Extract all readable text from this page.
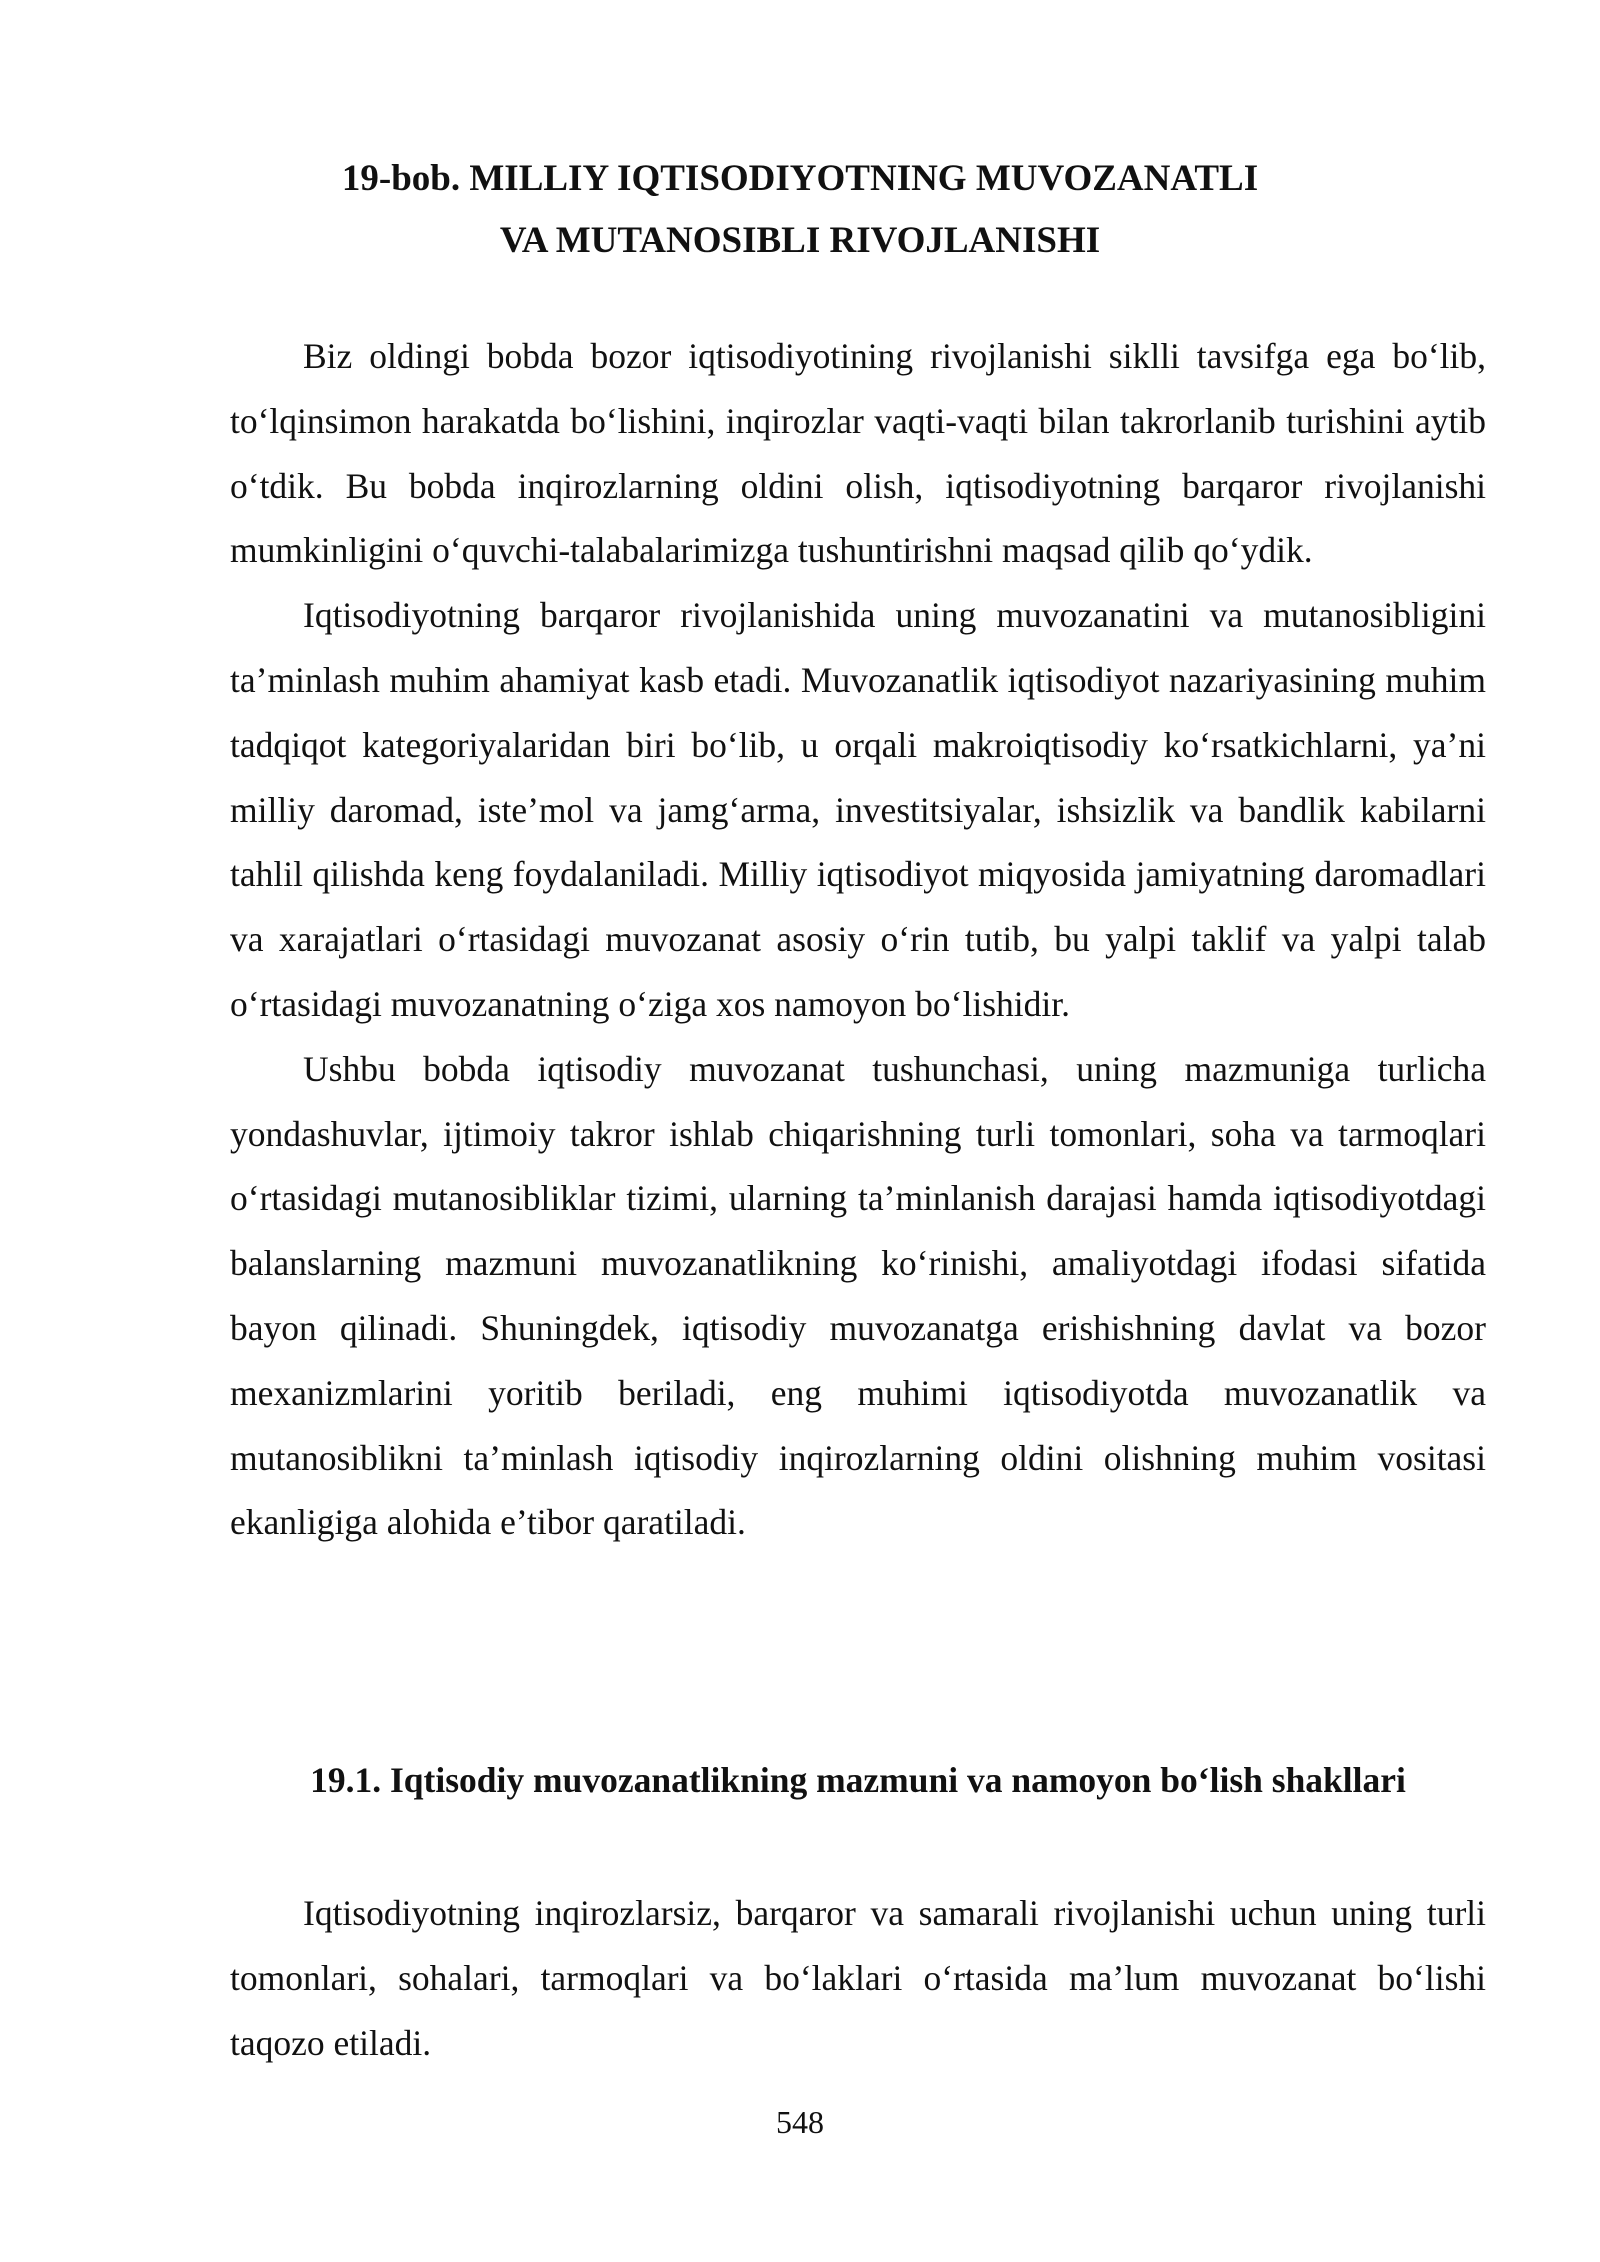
19-bob. MILLIY IQTISODIYOTNING MUVOZANATLI
VA MUTANOSIBLI RIVOJLANISHI

Biz oldingi bobda bozor iqtisodiyotining rivojlanishi siklli tavsifga ega bo‘lib, to‘lqinsimon harakatda bo‘lishini, inqirozlar vaqti-vaqti bilan takrorlanib turishini aytib o‘tdik. Bu bobda inqirozlarning oldini olish, iqtisodiyotning barqaror rivojlanishi mumkinligini o‘quvchi-talabalarimizga tushuntirishni maqsad qilib qo‘ydik.

Iqtisodiyotning barqaror rivojlanishida uning muvozanatini va mutanosibligini ta’minlash muhim ahamiyat kasb etadi. Muvozanatlik iqtisodiyot nazariyasining muhim tadqiqot kategoriyalaridan biri bo‘lib, u orqali makroiqtisodiy ko‘rsatkichlarni, ya’ni milliy daromad, iste’mol va jamg‘arma, investitsiyalar, ishsizlik va bandlik kabilarni tahlil qilishda keng foydalaniladi. Milliy iqtisodiyot miqyosida jamiyatning daromadlari va xarajatlari o‘rtasidagi muvozanat asosiy o‘rin tutib, bu yalpi taklif va yalpi talab o‘rtasidagi muvozanatning o‘ziga xos namoyon bo‘lishidir.

Ushbu bobda iqtisodiy muvozanat tushunchasi, uning mazmuniga turlicha yondashuvlar, ijtimoiy takror ishlab chiqarishning turli tomonlari, soha va tarmoqlari o‘rtasidagi mutanosibliklar tizimi, ularning ta’minlanish darajasi hamda iqtisodiyotdagi balanslarning mazmuni muvozanatlikning ko‘rinishi, amaliyotdagi ifodasi sifatida bayon qilinadi. Shuningdek, iqtisodiy muvozanatga erishishning davlat va bozor mexanizmlarini yoritib beriladi, eng muhimi iqtisodiyotda muvozanatlik va mutanosiblikni ta’minlash iqtisodiy inqirozlarning oldini olishning muhim vositasi ekanligiga alohida e’tibor qaratiladi.

19.1. Iqtisodiy muvozanatlikning mazmuni va namoyon bo‘lish shakllari

Iqtisodiyotning inqirozlarsiz, barqaror va samarali rivojlanishi uchun uning turli tomonlari, sohalari, tarmoqlari va bo‘laklari o‘rtasida ma’lum muvozanat bo‘lishi taqozo etiladi.

548
